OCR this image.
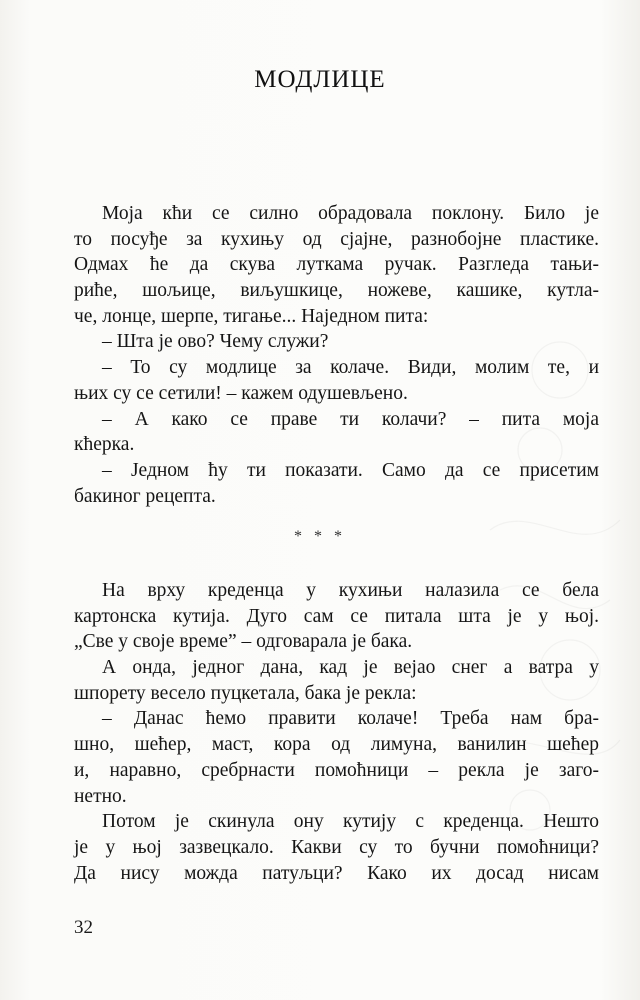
МОДЛИЦЕ
Моја кћи се силно обрадовала поклону. Било је
то посуђе за кухињу од сјајне, разнобојне пластике.
Одмах ће да скува луткама ручак. Разгледа тањи-
риће, шољице, виљушкице, ножеве, кашике, кутла-
че, лонце, шерпе, тигање... Наједном пита:
– Шта је ово? Чему служи?
– То су модлице за колаче. Види, молим те, и
њих су се сетили! – кажем одушевљено.
– А како се праве ти колачи? – пита моја
кћерка.
– Једном ћу ти показати. Само да се присетим
бакиног рецепта.
* * *
На врху креденца у кухињи налазила се бела
картонска кутија. Дуго сам се питала шта је у њој.
„Све у своје време” – одговарала је бака.
А онда, једног дана, кад је вејао снег а ватра у
шпорету весело пуцкетала, бака је рекла:
– Данас ћемо правити колаче! Треба нам бра-
шно, шећер, маст, кора од лимуна, ванилин шећер
и, наравно, сребрнасти помоћници – рекла је заго-
нетно.
Потом је скинула ону кутију с креденца. Нешто
је у њој зазвецкало. Какви су то бучни помоћници?
Да нису можда патуљци? Како их досад нисам
32
